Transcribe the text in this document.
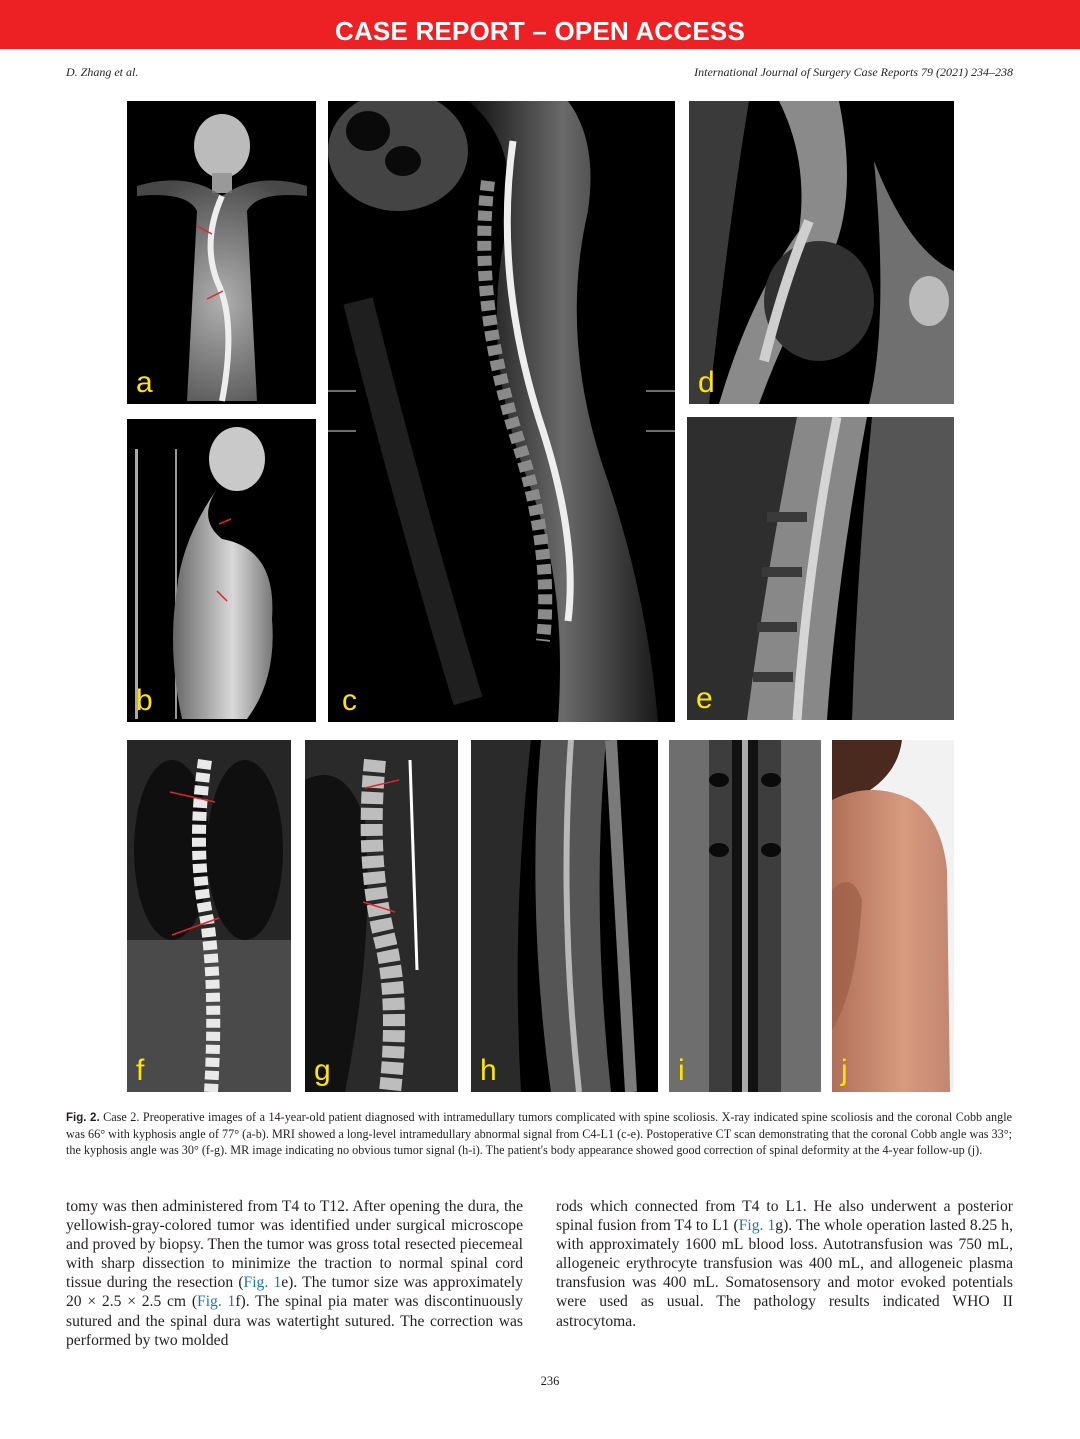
CASE REPORT – OPEN ACCESS
D. Zhang et al.	International Journal of Surgery Case Reports 79 (2021) 234–238
a
b	c
d
e
f	g	h	i	j
Fig. 2. Case 2. Preoperative images of a 14-year-old patient diagnosed with intramedullary tumors complicated with spine scoliosis. X-ray indicated spine scoliosis and the coronal Cobb angle was 66° with kyphosis angle of 77° (a-b). MRI showed a long-level intramedullary abnormal signal from C4-L1 (c-e). Postoperative CT scan demonstrating that the coronal Cobb angle was 33°; the kyphosis angle was 30° (f-g). MR image indicating no obvious tumor signal (h-i). The patient's body appearance showed good correction of spinal deformity at the 4-year follow-up (j).
tomy was then administered from T4 to T12. After opening the dura, the yellowish-gray-colored tumor was identified under surgical microscope and proved by biopsy. Then the tumor was gross total resected piecemeal with sharp dissection to minimize the traction to normal spinal cord tissue during the resection (Fig. 1e). The tumor size was approximately 20 × 2.5 × 2.5 cm (Fig. 1f). The spinal pia mater was discontinuously sutured and the spinal dura was watertight sutured. The correction was performed by two molded
rods which connected from T4 to L1. He also underwent a posterior spinal fusion from T4 to L1 (Fig. 1g). The whole operation lasted 8.25 h, with approximately 1600 mL blood loss. Autotransfusion was 750 mL, allogeneic erythrocyte transfusion was 400 mL, and allogeneic plasma transfusion was 400 mL. Somatosensory and motor evoked potentials were used as usual. The pathology results indicated WHO II astrocytoma.
236
